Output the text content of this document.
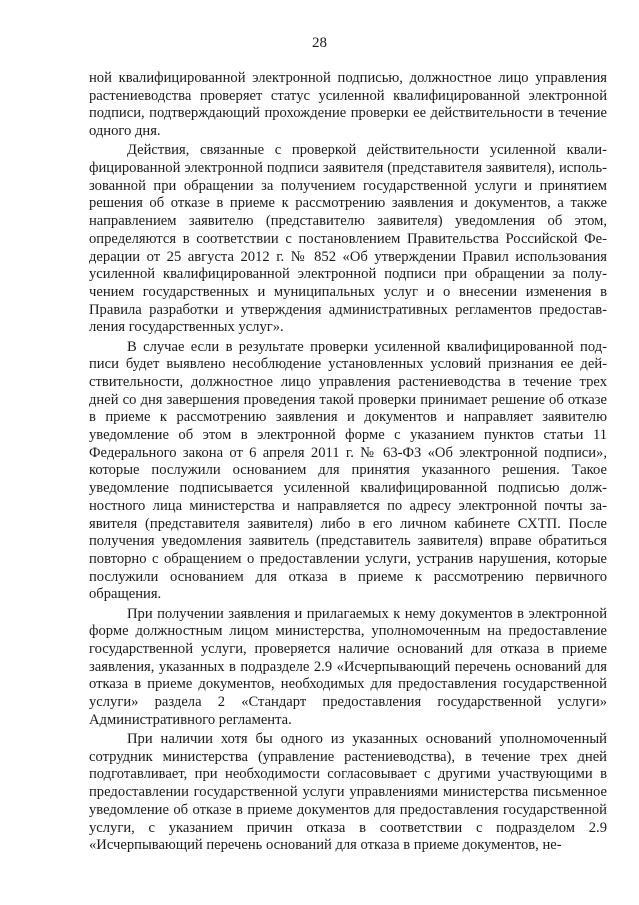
28

ной квалифицированной электронной подписью, должностное лицо управления растениеводства проверяет статус усиленной квалифицированной электронной подписи, подтверждающий прохождение проверки ее действительности в течение одного дня.

Действия, связанные с проверкой действительности усиленной квалифицированной электронной подписи заявителя (представителя заявителя), использованной при обращении за получением государственной услуги и принятием решения об отказе в приеме к рассмотрению заявления и документов, а также направлением заявителю (представителю заявителя) уведомления об этом, определяются в соответствии с постановлением Правительства Российской Федерации от 25 августа 2012 г. № 852 «Об утверждении Правил использования усиленной квалифицированной электронной подписи при обращении за получением государственных и муниципальных услуг и о внесении изменения в Правила разработки и утверждения административных регламентов предоставления государственных услуг».

В случае если в результате проверки усиленной квалифицированной подписи будет выявлено несоблюдение установленных условий признания ее действительности, должностное лицо управления растениеводства в течение трех дней со дня завершения проведения такой проверки принимает решение об отказе в приеме к рассмотрению заявления и документов и направляет заявителю уведомление об этом в электронной форме с указанием пунктов статьи 11 Федерального закона от 6 апреля 2011 г. № 63-ФЗ «Об электронной подписи», которые послужили основанием для принятия указанного решения. Такое уведомление подписывается усиленной квалифицированной подписью должностного лица министерства и направляется по адресу электронной почты заявителя (представителя заявителя) либо в его личном кабинете СХТП. После получения уведомления заявитель (представитель заявителя) вправе обратиться повторно с обращением о предоставлении услуги, устранив нарушения, которые послужили основанием для отказа в приеме к рассмотрению первичного обращения.

При получении заявления и прилагаемых к нему документов в электронной форме должностным лицом министерства, уполномоченным на предоставление государственной услуги, проверяется наличие оснований для отказа в приеме заявления, указанных в подразделе 2.9 «Исчерпывающий перечень оснований для отказа в приеме документов, необходимых для предоставления государственной услуги» раздела 2 «Стандарт предоставления государственной услуги» Административного регламента.

При наличии хотя бы одного из указанных оснований уполномоченный сотрудник министерства (управление растениеводства), в течение трех дней подготавливает, при необходимости согласовывает с другими участвующими в предоставлении государственной услуги управлениями министерства письменное уведомление об отказе в приеме документов для предоставления государственной услуги, с указанием причин отказа в соответствии с подразделом 2.9 «Исчерпывающий перечень оснований для отказа в приеме документов, не-
